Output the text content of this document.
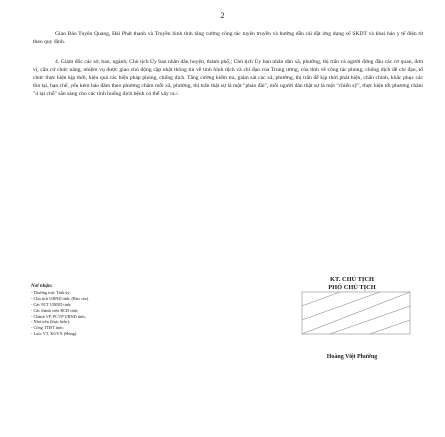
2

Giao Báo Tuyên Quang, Đài Phát thanh và Truyền hình tỉnh tăng cường công tác tuyên truyền và hướng dẫn cài đặt ứng dụng số SKDT và khai báo y tế điện tử theo quy định.

4. Giám đốc các sở, ban, ngành; Chủ tịch Ủy ban nhân dân huyện, thành phố,; Chủ tịch Ủy ban nhân dân xã, phường, thị trấn và người đứng đầu các cơ quan, đơn vị, cần cứ chức năng, nhiệm vụ được giao chủ động cập nhật thông tin về tình hình dịch và chỉ đạo của Trung ương, của tỉnh về công tác phòng, chống dịch để chỉ đạo, tổ chức thực hiện kịp thời, hiệu quả các biện pháp phòng, chống dịch. Tăng cường kiểm tra, giám sát các xã, phường, thị trấn để kịp thời phát hiện, chấn chỉnh, khắc phục các tồn tại, hạn chế, yếu kém bảo đảm theo phương châm mỗi xã, phường, thị trấn thật sự là một "pháo đài", mỗi người dân thật sự là một "chiến sỹ", thực hiện tốt phương châm "4 tại chỗ" sẵn sàng cho các tình huống dịch bệnh có thể xảy ra./.

Nơi nhận:
- Thường trực Tỉnh ủy;
- Chủ tịch UBND tỉnh; (Báo cáo)
- Các PCT UBND tỉnh;
- Các thành viên BCĐ tỉnh;
- Chánh VP, PCVP UBND tỉnh;
- Như trên (thực hiện);
- Cổng TTĐT tỉnh;
- Lưu: VT, KGVX (Hùng).
KT. CHỦ TỊCH
PHÓ CHỦ TỊCH
Hoàng Việt Phường
